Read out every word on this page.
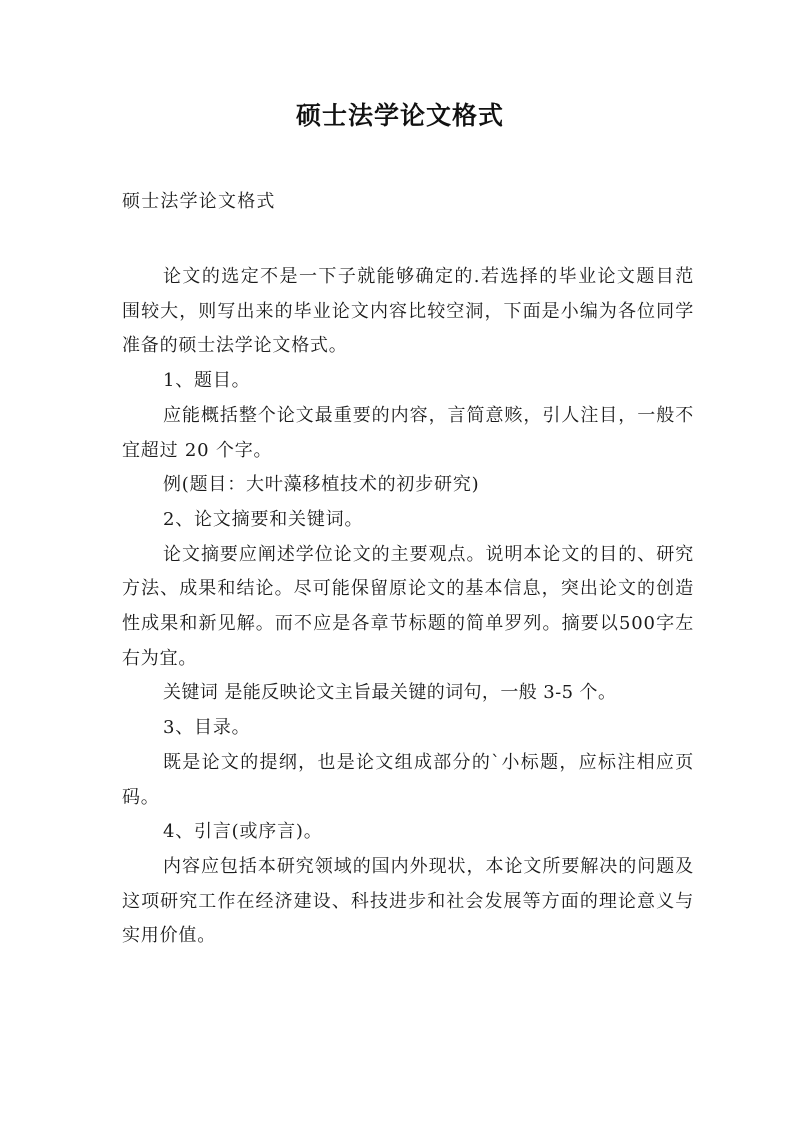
硕士法学论文格式
硕士法学论文格式

论文的选定不是一下子就能够确定的.若选择的毕业论文题目范围较大，则写出来的毕业论文内容比较空洞，下面是小编为各位同学准备的硕士法学论文格式。

1、题目。

应能概括整个论文最重要的内容，言简意赅，引人注目，一般不宜超过 20 个字。

例(题目：大叶藻移植技术的初步研究)

2、论文摘要和关键词。

论文摘要应阐述学位论文的主要观点。说明本论文的目的、研究方法、成果和结论。尽可能保留原论文的基本信息，突出论文的创造性成果和新见解。而不应是各章节标题的简单罗列。摘要以500字左右为宜。

关键词 是能反映论文主旨最关键的词句，一般 3-5 个。

3、目录。

既是论文的提纲，也是论文组成部分的`小标题，应标注相应页码。

4、引言(或序言)。

内容应包括本研究领域的国内外现状，本论文所要解决的问题及这项研究工作在经济建设、科技进步和社会发展等方面的理论意义与实用价值。
